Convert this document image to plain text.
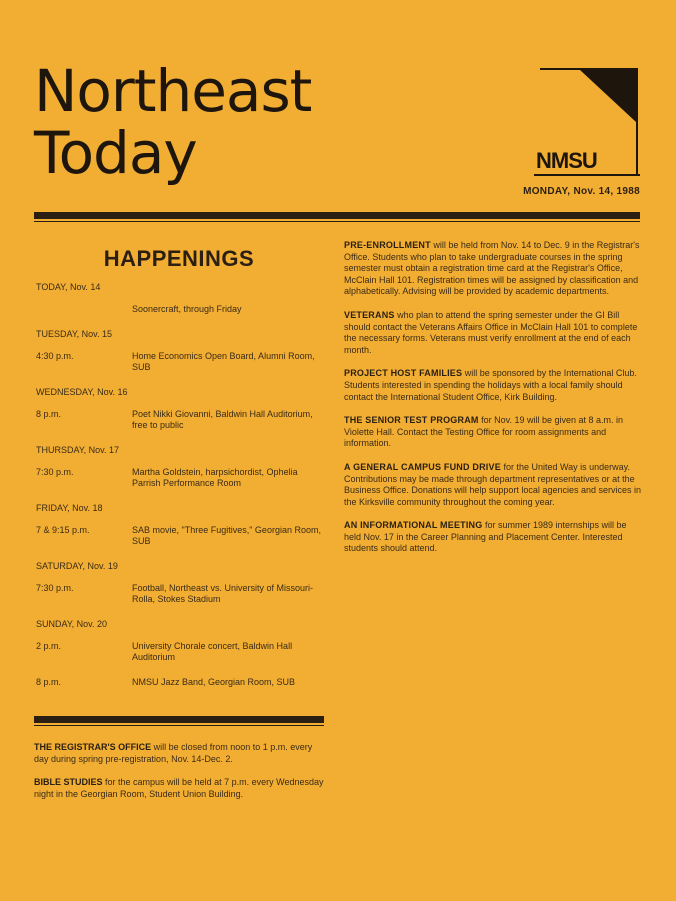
Northeast
Today	NMSU
MONDAY, Nov. 14, 1988
HAPPENINGS
TODAY, Nov. 14
Soonercraft, through Friday
TUESDAY, Nov. 15
4:30 p.m.	Home Economics Open Board, Alumni Room, SUB
WEDNESDAY, Nov. 16
8 p.m.	Poet Nikki Giovanni, Baldwin Hall Auditorium, free to public
THURSDAY, Nov. 17
7:30 p.m.	Martha Goldstein, harpsichordist, Ophelia Parrish Performance Room
FRIDAY, Nov. 18
7 & 9:15 p.m.	SAB movie, "Three Fugitives," Georgian Room, SUB
SATURDAY, Nov. 19
7:30 p.m.	Football, Northeast vs. University of Missouri-Rolla, Stokes Stadium
SUNDAY, Nov. 20
2 p.m.	University Chorale concert, Baldwin Hall Auditorium
8 p.m.	NMSU Jazz Band, Georgian Room, SUB
THE REGISTRAR'S OFFICE will be closed from noon to 1 p.m. every day during spring pre-registration, Nov. 14-Dec. 2.
BIBLE STUDIES for the campus will be held at 7 p.m. every Wednesday night in the Georgian Room, Student Union Building.
PRE-ENROLLMENT will be held from Nov. 14 to Dec. 9 in the Registrar's Office. Students who plan to take undergraduate courses in the spring semester must obtain a registration time card at the Registrar's Office, McClain Hall 101. Registration times will be assigned by classification and alphabetically. Advising will be provided by academic departments.
VETERANS who plan to attend the spring semester under the GI Bill should contact the Veterans Affairs Office in McClain Hall 101 to complete the necessary forms. Veterans must verify enrollment at the end of each month.
PROJECT HOST FAMILIES will be sponsored by the International Club. Students interested in spending the holidays with a local family should contact the International Student Office, Kirk Building.
THE SENIOR TEST PROGRAM for Nov. 19 will be given at 8 a.m. in Violette Hall. Contact the Testing Office for room assignments and information.
A GENERAL CAMPUS FUND DRIVE for the United Way is underway. Contributions may be made through department representatives or at the Business Office. Donations will help support local agencies and services in the Kirksville community throughout the coming year.
AN INFORMATIONAL MEETING for summer 1989 internships will be held Nov. 17 in the Career Planning and Placement Center. Interested students should attend.
